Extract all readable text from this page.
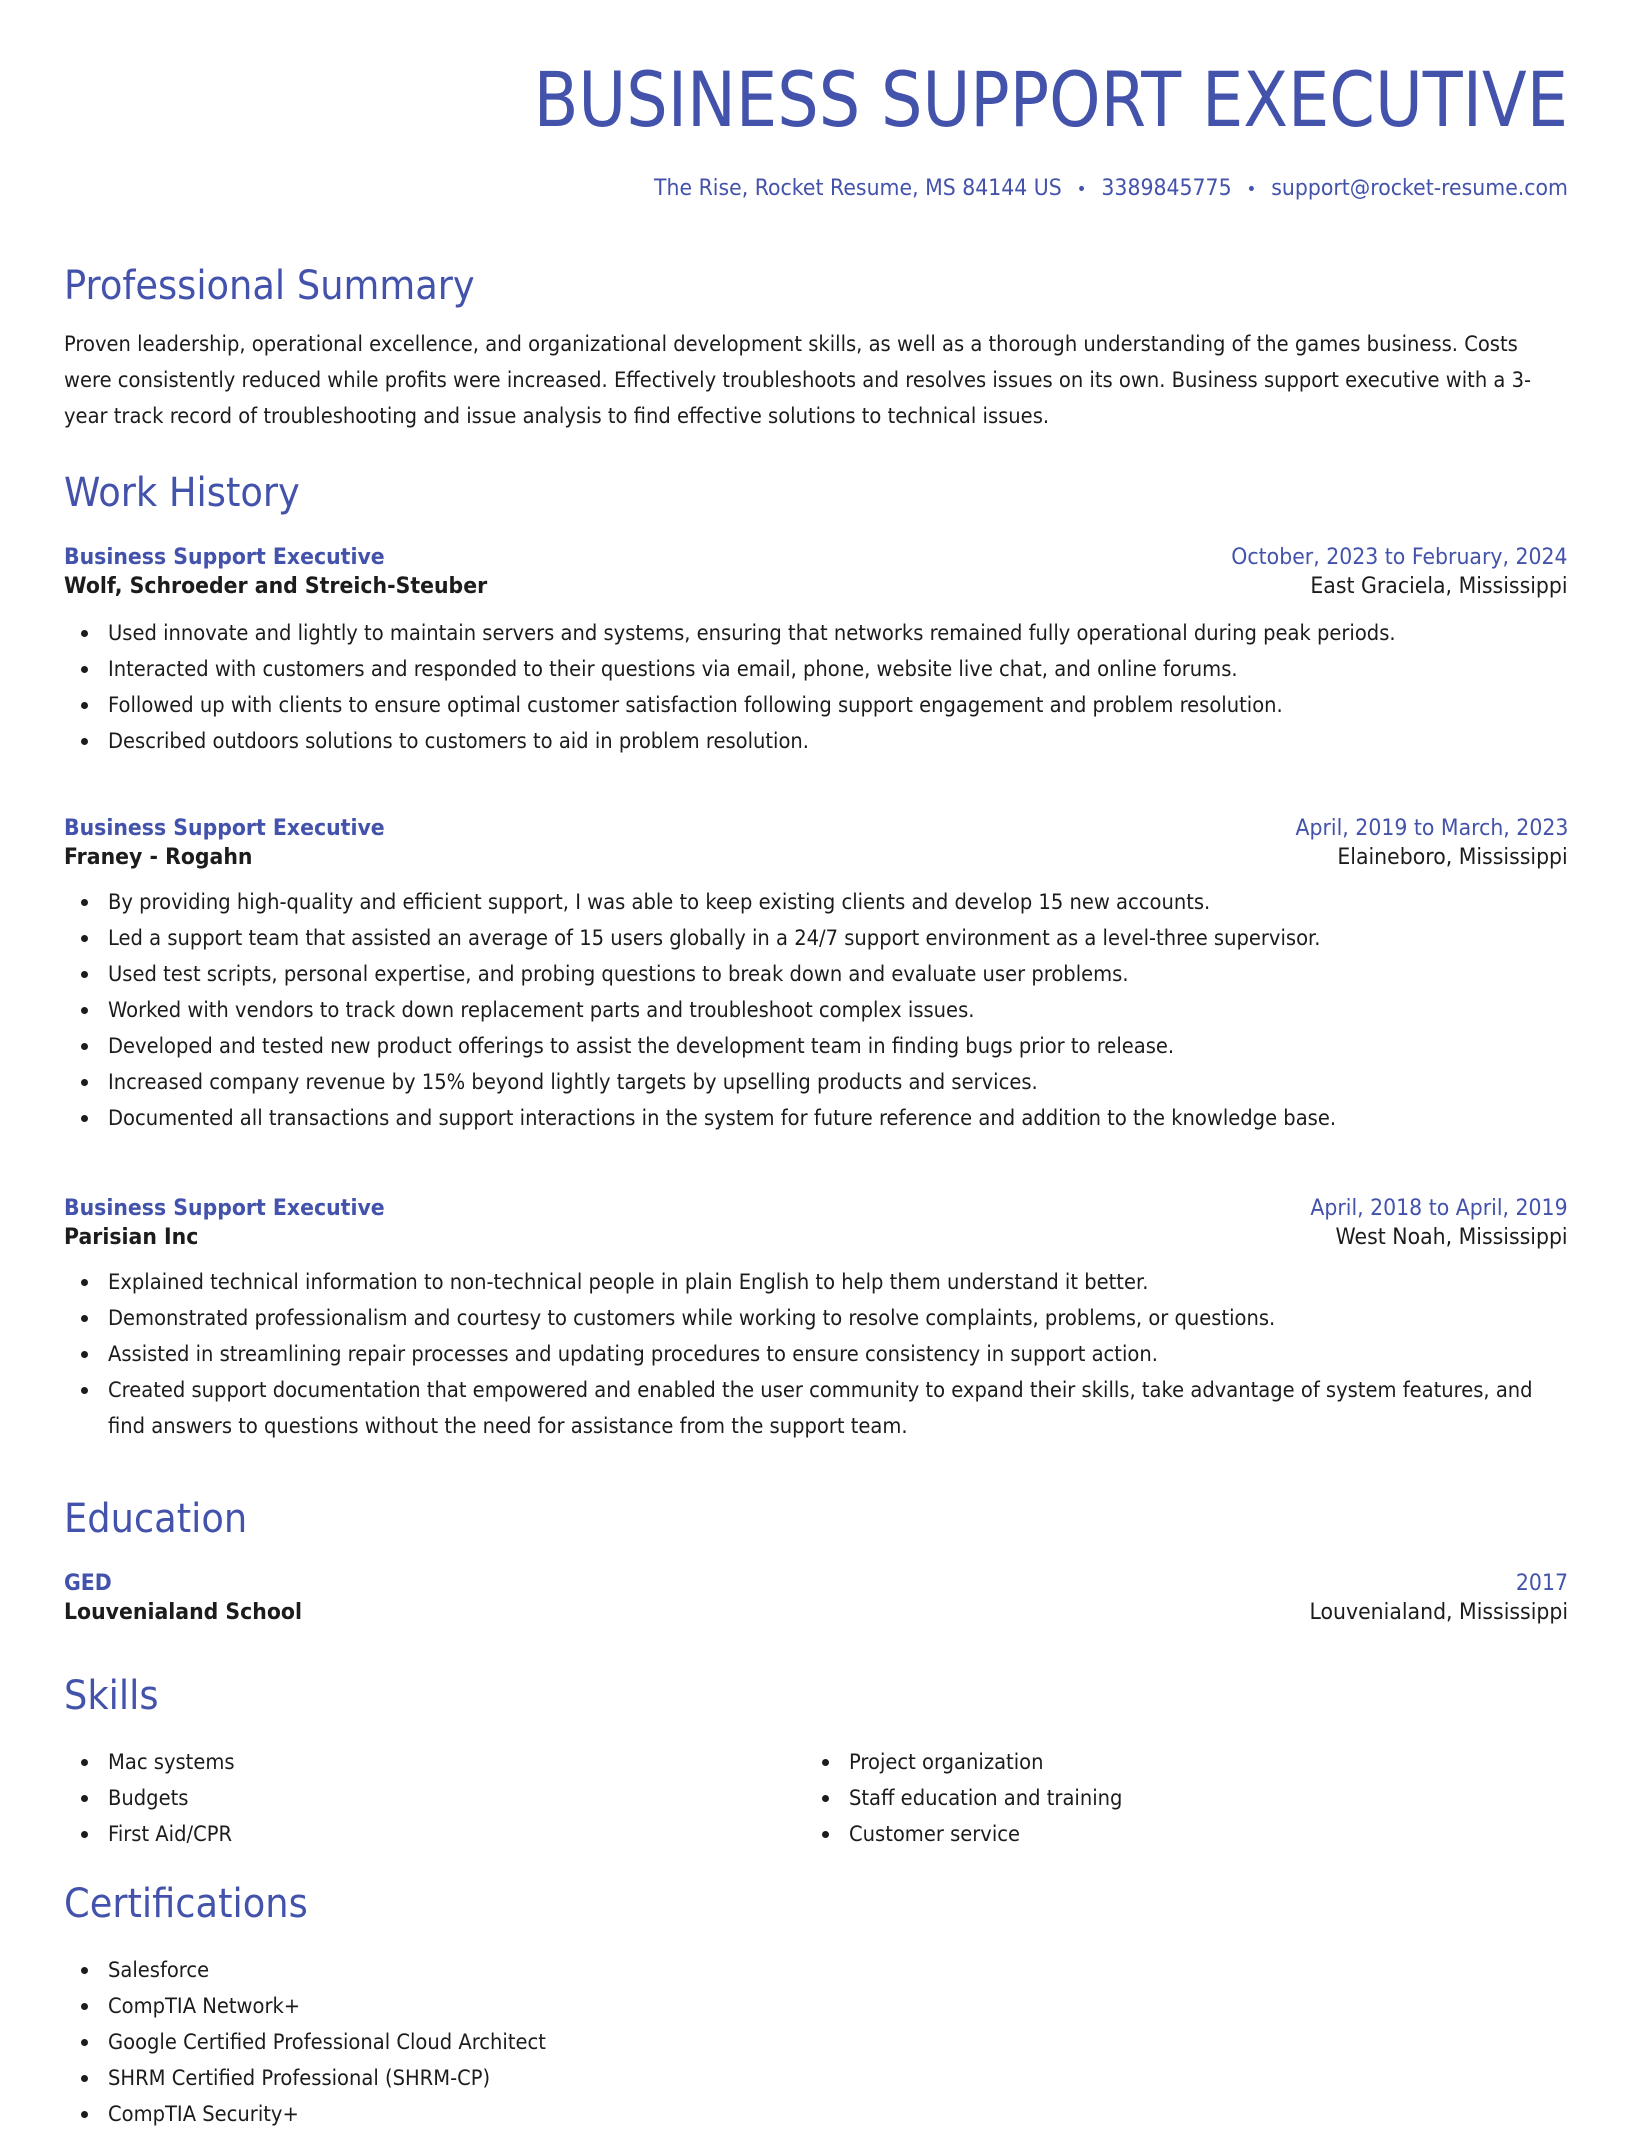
BUSINESS SUPPORT EXECUTIVE
The Rise, Rocket Resume, MS 84144 US • 3389845775 • support@rocket-resume.com
Professional Summary

Proven leadership, operational excellence, and organizational development skills, as well as a thorough understanding of the games business. Costs were consistently reduced while profits were increased. Effectively troubleshoots and resolves issues on its own. Business support executive with a 3-year track record of troubleshooting and issue analysis to find effective solutions to technical issues.

Work History
Business Support Executive	October, 2023 to February, 2024
Wolf, Schroeder and Streich-Steuber	East Graciela, Mississippi
Used innovate and lightly to maintain servers and systems, ensuring that networks remained fully operational during peak periods.
Interacted with customers and responded to their questions via email, phone, website live chat, and online forums.
Followed up with clients to ensure optimal customer satisfaction following support engagement and problem resolution.
Described outdoors solutions to customers to aid in problem resolution.
Business Support Executive	April, 2019 to March, 2023
Franey - Rogahn	Elaineboro, Mississippi
By providing high-quality and efficient support, I was able to keep existing clients and develop 15 new accounts.
Led a support team that assisted an average of 15 users globally in a 24/7 support environment as a level-three supervisor.
Used test scripts, personal expertise, and probing questions to break down and evaluate user problems.
Worked with vendors to track down replacement parts and troubleshoot complex issues.
Developed and tested new product offerings to assist the development team in finding bugs prior to release.
Increased company revenue by 15% beyond lightly targets by upselling products and services.
Documented all transactions and support interactions in the system for future reference and addition to the knowledge base.
Business Support Executive	April, 2018 to April, 2019
Parisian Inc	West Noah, Mississippi
Explained technical information to non-technical people in plain English to help them understand it better.
Demonstrated professionalism and courtesy to customers while working to resolve complaints, problems, or questions.
Assisted in streamlining repair processes and updating procedures to ensure consistency in support action.
Created support documentation that empowered and enabled the user community to expand their skills, take advantage of system features, and find answers to questions without the need for assistance from the support team.
Education
GED	2017
Louvenialand School	Louvenialand, Mississippi
Skills
Mac systems
Budgets
First Aid/CPR
Project organization
Staff education and training
Customer service
Certifications
Salesforce
CompTIA Network+
Google Certified Professional Cloud Architect
SHRM Certified Professional (SHRM-CP)
CompTIA Security+
